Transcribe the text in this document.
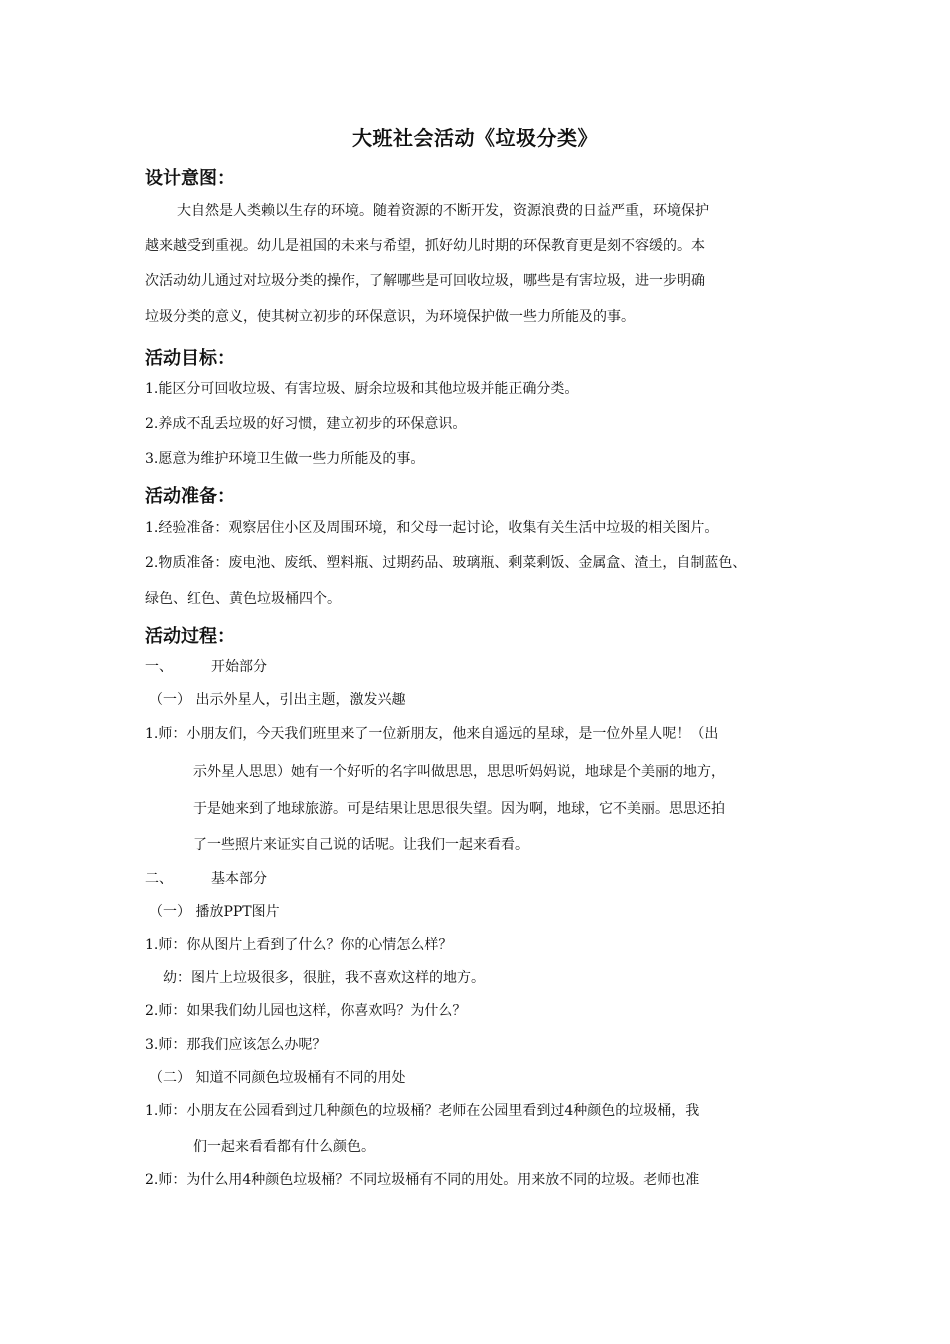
大班社会活动《垃圾分类》
设计意图：
大自然是人类赖以生存的环境。随着资源的不断开发，资源浪费的日益严重，环境保护
越来越受到重视。幼儿是祖国的未来与希望，抓好幼儿时期的环保教育更是刻不容缓的。本
次活动幼儿通过对垃圾分类的操作，了解哪些是可回收垃圾，哪些是有害垃圾，进一步明确
垃圾分类的意义，使其树立初步的环保意识，为环境保护做一些力所能及的事。
活动目标：
1.能区分可回收垃圾、有害垃圾、厨余垃圾和其他垃圾并能正确分类。
2.养成不乱丢垃圾的好习惯，建立初步的环保意识。
3.愿意为维护环境卫生做一些力所能及的事。
活动准备：
1.经验准备：观察居住小区及周围环境，和父母一起讨论，收集有关生活中垃圾的相关图片。
2.物质准备：废电池、废纸、塑料瓶、过期药品、玻璃瓶、剩菜剩饭、金属盒、渣土，自制蓝色、
绿色、红色、黄色垃圾桶四个。
活动过程：
一、	开始部分
（一） 出示外星人，引出主题，激发兴趣
1.师：小朋友们，今天我们班里来了一位新朋友，他来自遥远的星球，是一位外星人呢！（出
示外星人思思）她有一个好听的名字叫做思思，思思听妈妈说，地球是个美丽的地方，
于是她来到了地球旅游。可是结果让思思很失望。因为啊，地球，它不美丽。思思还拍
了一些照片来证实自己说的话呢。让我们一起来看看。
二、	基本部分
（一） 播放PPT图片
1.师：你从图片上看到了什么？你的心情怎么样？
幼：图片上垃圾很多，很脏，我不喜欢这样的地方。
2.师：如果我们幼儿园也这样，你喜欢吗？为什么？
3.师：那我们应该怎么办呢？
（二） 知道不同颜色垃圾桶有不同的用处
1.师：小朋友在公园看到过几种颜色的垃圾桶？老师在公园里看到过4种颜色的垃圾桶，我
们一起来看看都有什么颜色。
2.师：为什么用4种颜色垃圾桶？不同垃圾桶有不同的用处。用来放不同的垃圾。老师也准
